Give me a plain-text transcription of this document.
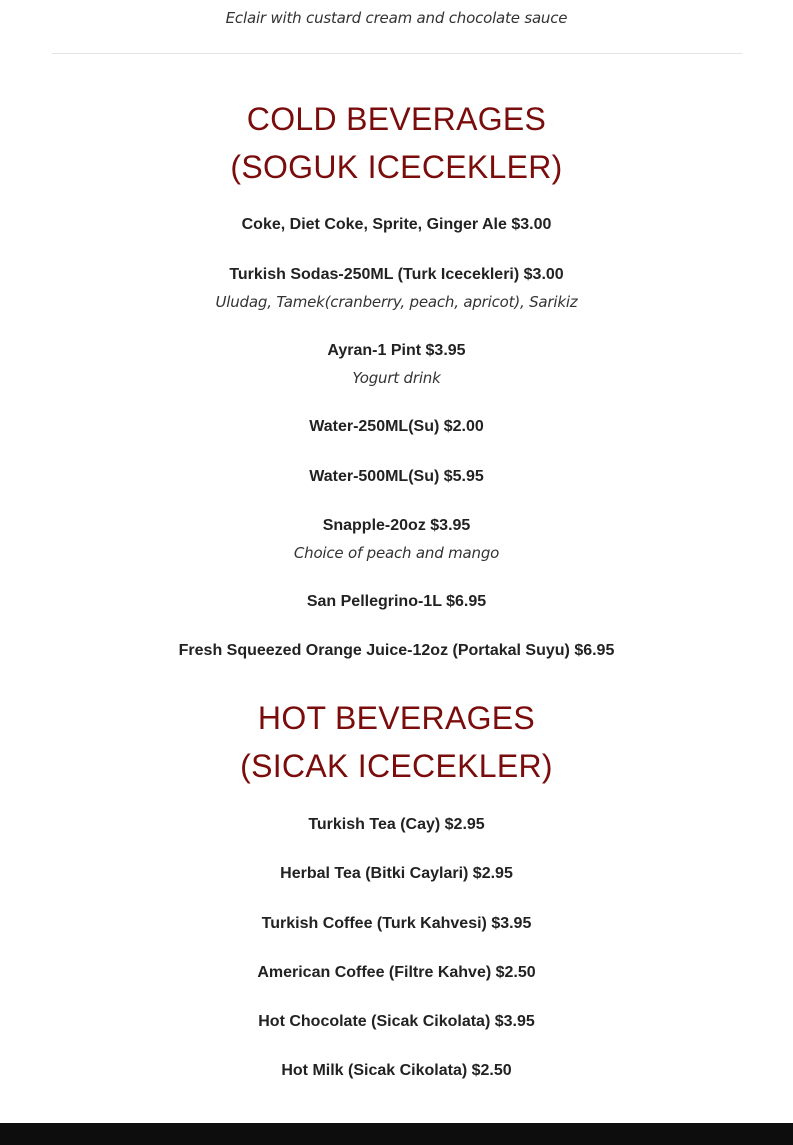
Eclair with custard cream and chocolate sauce
COLD BEVERAGES
(SOGUK ICECEKLER)
Coke, Diet Coke, Sprite, Ginger Ale $3.00
Turkish Sodas-250ML (Turk Icecekleri) $3.00
Uludag, Tamek(cranberry, peach, apricot), Sarikiz
Ayran-1 Pint $3.95
Yogurt drink
Water-250ML(Su) $2.00
Water-500ML(Su) $5.95
Snapple-20oz $3.95
Choice of peach and mango
San Pellegrino-1L $6.95
Fresh Squeezed Orange Juice-12oz (Portakal Suyu) $6.95
HOT BEVERAGES
(SICAK ICECEKLER)
Turkish Tea (Cay) $2.95
Herbal Tea (Bitki Caylari) $2.95
Turkish Coffee (Turk Kahvesi) $3.95
American Coffee (Filtre Kahve) $2.50
Hot Chocolate (Sicak Cikolata) $3.95
Hot Milk (Sicak Cikolata) $2.50
